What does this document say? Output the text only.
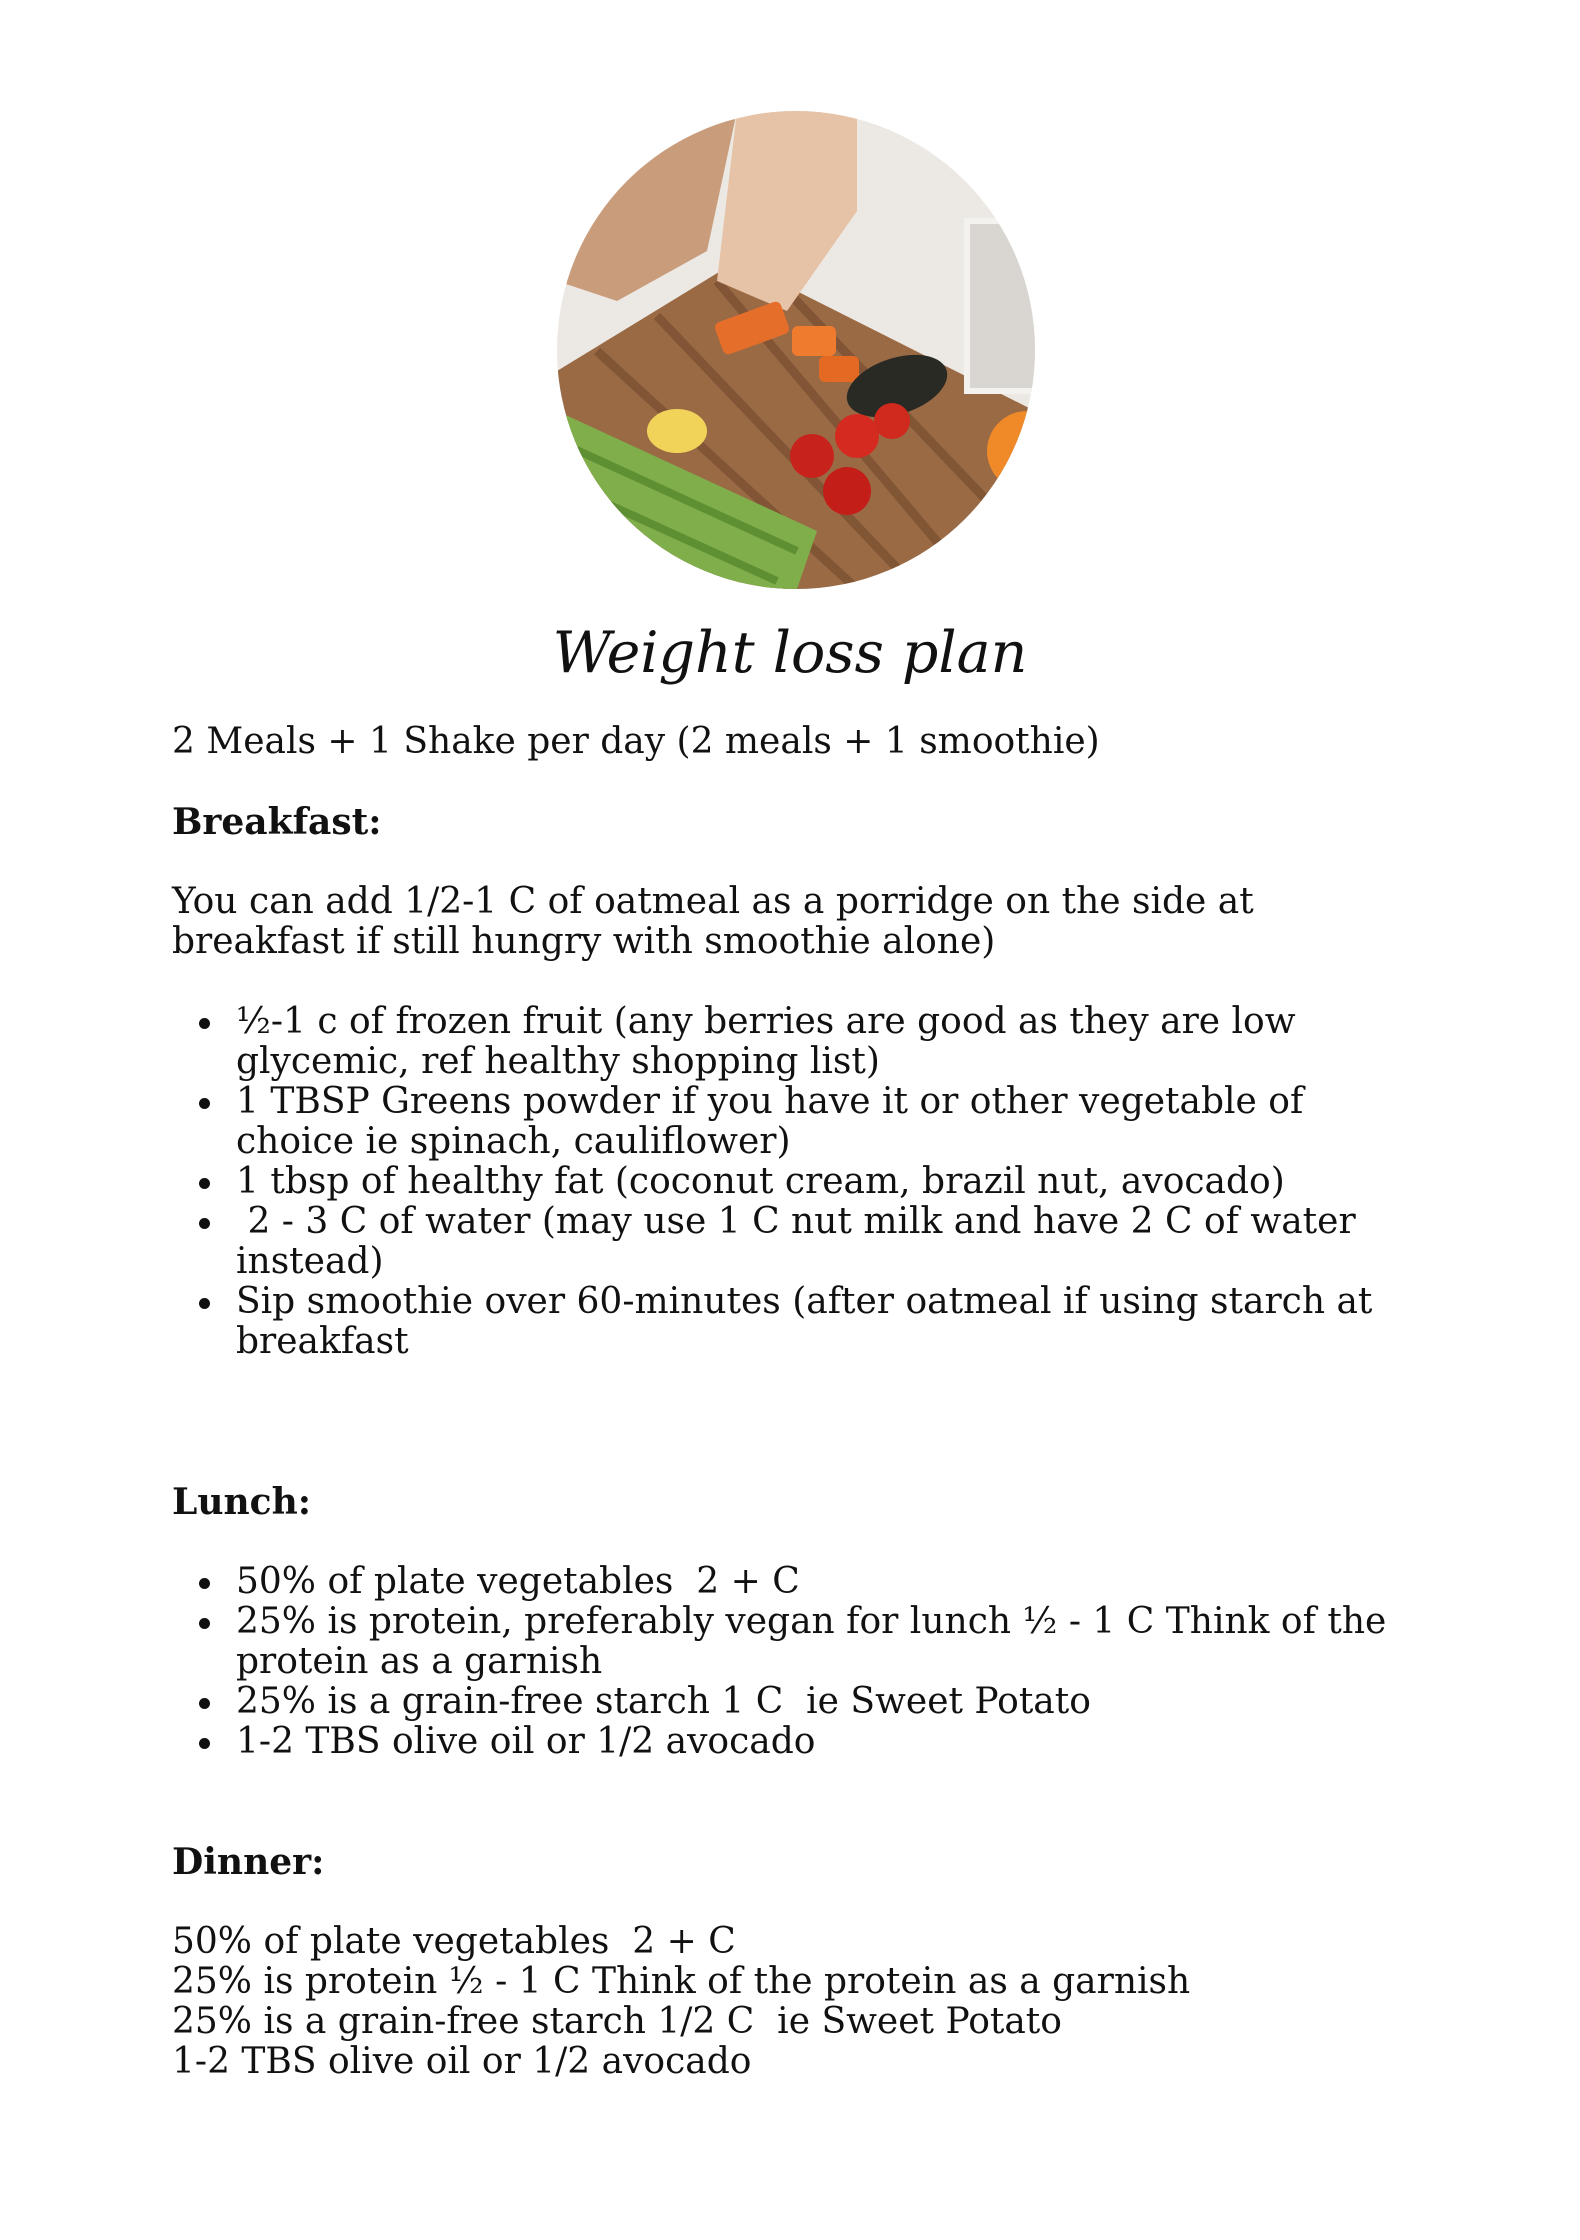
Weight loss plan

2 Meals + 1 Shake per day (2 meals + 1 smoothie)

Breakfast:

You can add 1/2-1 C of oatmeal as a porridge on the side at breakfast if still hungry with smoothie alone)

½-1 c of frozen fruit (any berries are good as they are low glycemic, ref healthy shopping list)
1 TBSP Greens powder if you have it or other vegetable of choice ie spinach, cauliflower)
1 tbsp of healthy fat (coconut cream, brazil nut, avocado)
2 - 3 C of water (may use 1 C nut milk and have 2 C of water instead)
Sip smoothie over 60-minutes (after oatmeal if using starch at breakfast

Lunch:

50% of plate vegetables  2 + C
25% is protein, preferably vegan for lunch ½ - 1 C Think of the protein as a garnish
25% is a grain-free starch 1 C  ie Sweet Potato
1-2 TBS olive oil or 1/2 avocado

Dinner:

50% of plate vegetables  2 + C

25% is protein ½ - 1 C Think of the protein as a garnish

25% is a grain-free starch 1/2 C  ie Sweet Potato

1-2 TBS olive oil or 1/2 avocado
